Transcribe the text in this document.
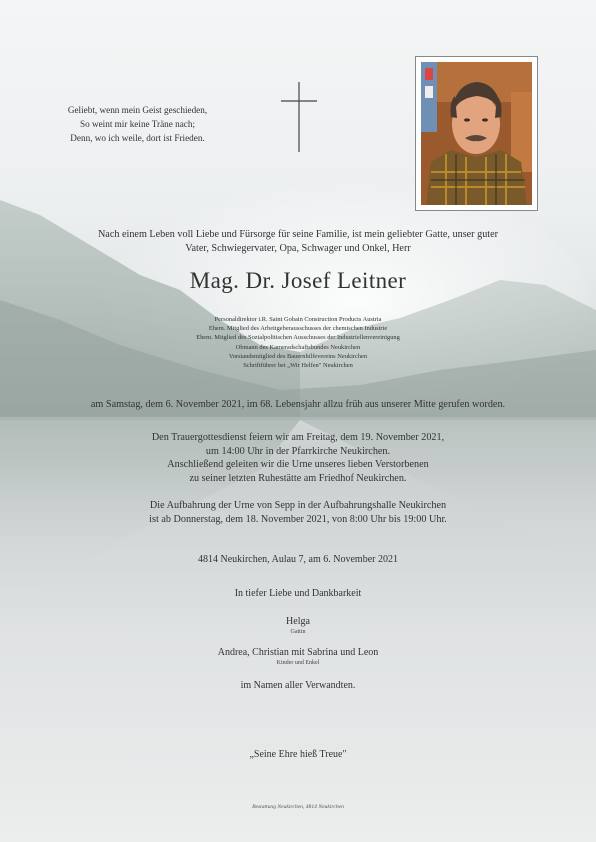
Geliebt, wenn mein Geist geschieden,
So weint mir keine Träne nach;
Denn, wo ich weile, dort ist Frieden.
Nach einem Leben voll Liebe und Fürsorge für seine Familie, ist mein geliebter Gatte, unser guter
Vater, Schwiegervater, Opa, Schwager und Onkel, Herr
Mag. Dr. Josef Leitner
Personaldirektor i.R. Saint Gobain Construction Products Austria
Ehem. Mitglied des Arbeitgeberausschusses der chemischen Industrie
Ehem. Mitglied des Sozialpolitischen Ausschusses der Industriellenvereinigung
Obmann des Kameradschaftsbundes Neukirchen
Vorstandsmitglied des Bauernhilfevereins Neukirchen
Schriftführer bei „Wir Helfen" Neukirchen
am Samstag, dem 6. November 2021, im 68. Lebensjahr allzu früh aus unserer Mitte gerufen worden.
Den Trauergottesdienst feiern wir am Freitag, dem 19. November 2021,
um 14:00 Uhr in der Pfarrkirche Neukirchen.
Anschließend geleiten wir die Urne unseres lieben Verstorbenen
zu seiner letzten Ruhestätte am Friedhof Neukirchen.
Die Aufbahrung der Urne von Sepp in der Aufbahrungshalle Neukirchen
ist ab Donnerstag, dem 18. November 2021, von 8:00 Uhr bis 19:00 Uhr.
4814 Neukirchen, Aulau 7, am 6. November 2021
In tiefer Liebe und Dankbarkeit
Helga
Gattin
Andrea, Christian mit Sabrina und Leon
Kinder und Enkel
im Namen aller Verwandten.
„Seine Ehre hieß Treue"
Bestattung Neukirchen, 4814 Neukirchen
